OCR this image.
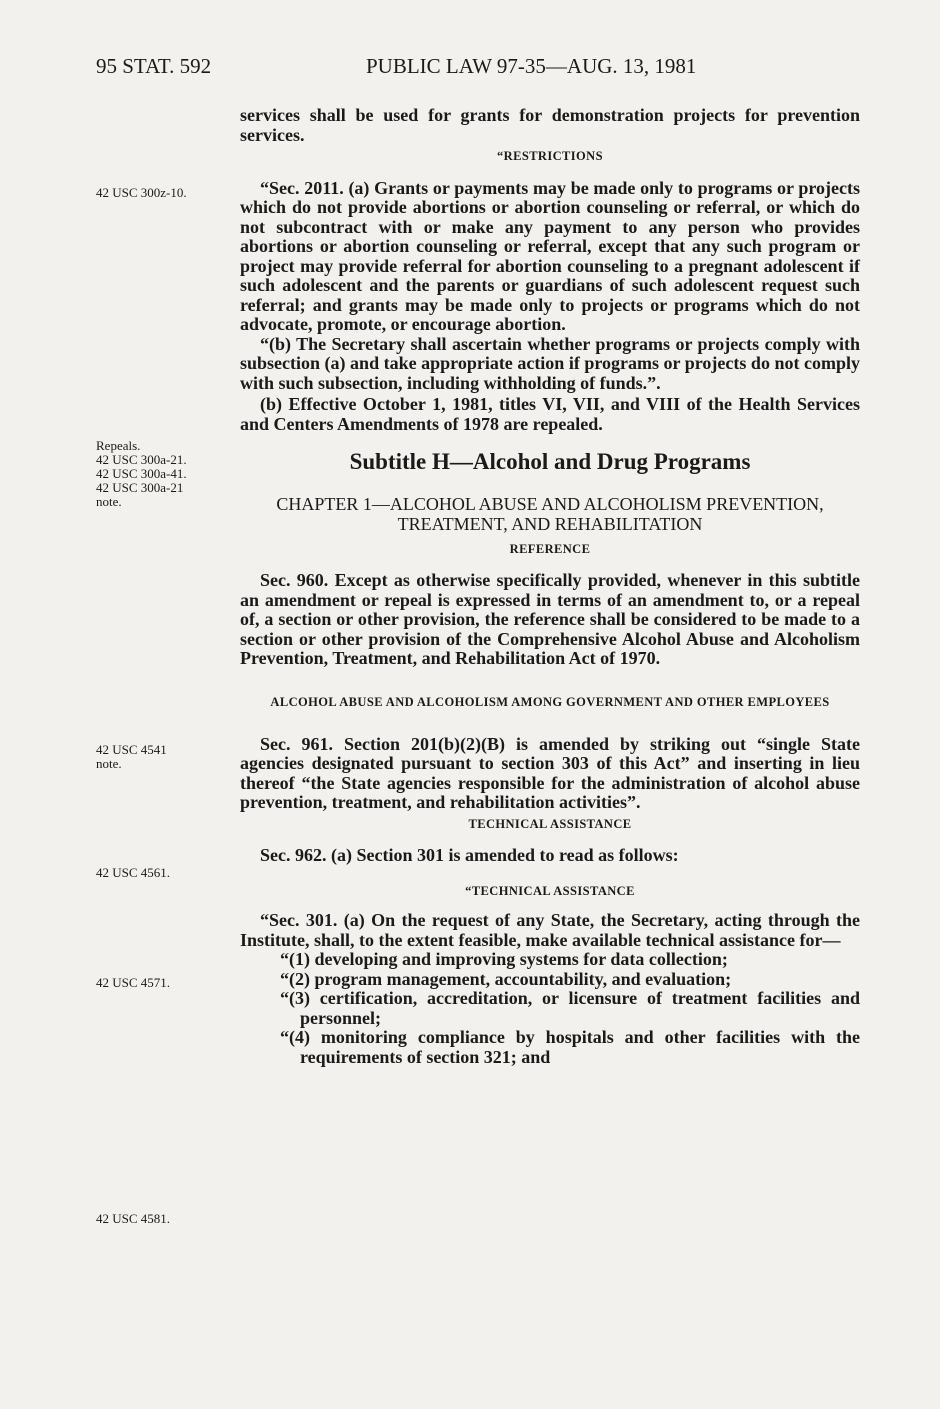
95 STAT. 592	PUBLIC LAW 97-35—AUG. 13, 1981
42 USC 300z-10.
Repeals.
42 USC 300a-21.
42 USC 300a-41.
42 USC 300a-21
note.
42 USC 4541
note.
42 USC 4561.
42 USC 4571.
42 USC 4581.

services shall be used for grants for demonstration projects for prevention services.

“RESTRICTIONS

“Sec. 2011. (a) Grants or payments may be made only to programs or projects which do not provide abortions or abortion counseling or referral, or which do not subcontract with or make any payment to any person who provides abortions or abortion counseling or referral, except that any such program or project may provide referral for abortion counseling to a pregnant adolescent if such adolescent and the parents or guardians of such adolescent request such referral; and grants may be made only to projects or programs which do not advocate, promote, or encourage abortion.

“(b) The Secretary shall ascertain whether programs or projects comply with subsection (a) and take appropriate action if programs or projects do not comply with such subsection, including withholding of funds.”.

(b) Effective October 1, 1981, titles VI, VII, and VIII of the Health Services and Centers Amendments of 1978 are repealed.

Subtitle H—Alcohol and Drug Programs

CHAPTER 1—ALCOHOL ABUSE AND ALCOHOLISM PREVENTION, TREATMENT, AND REHABILITATION

REFERENCE

Sec. 960. Except as otherwise specifically provided, whenever in this subtitle an amendment or repeal is expressed in terms of an amendment to, or a repeal of, a section or other provision, the reference shall be considered to be made to a section or other provision of the Comprehensive Alcohol Abuse and Alcoholism Prevention, Treatment, and Rehabilitation Act of 1970.

ALCOHOL ABUSE AND ALCOHOLISM AMONG GOVERNMENT AND OTHER EMPLOYEES

Sec. 961. Section 201(b)(2)(B) is amended by striking out “single State agencies designated pursuant to section 303 of this Act” and inserting in lieu thereof “the State agencies responsible for the administration of alcohol abuse prevention, treatment, and rehabilitation activities”.

TECHNICAL ASSISTANCE

Sec. 962. (a) Section 301 is amended to read as follows:

“TECHNICAL ASSISTANCE

“Sec. 301. (a) On the request of any State, the Secretary, acting through the Institute, shall, to the extent feasible, make available technical assistance for—

“(1) developing and improving systems for data collection;

“(2) program management, accountability, and evaluation;

“(3) certification, accreditation, or licensure of treatment facilities and personnel;

“(4) monitoring compliance by hospitals and other facilities with the requirements of section 321; and
